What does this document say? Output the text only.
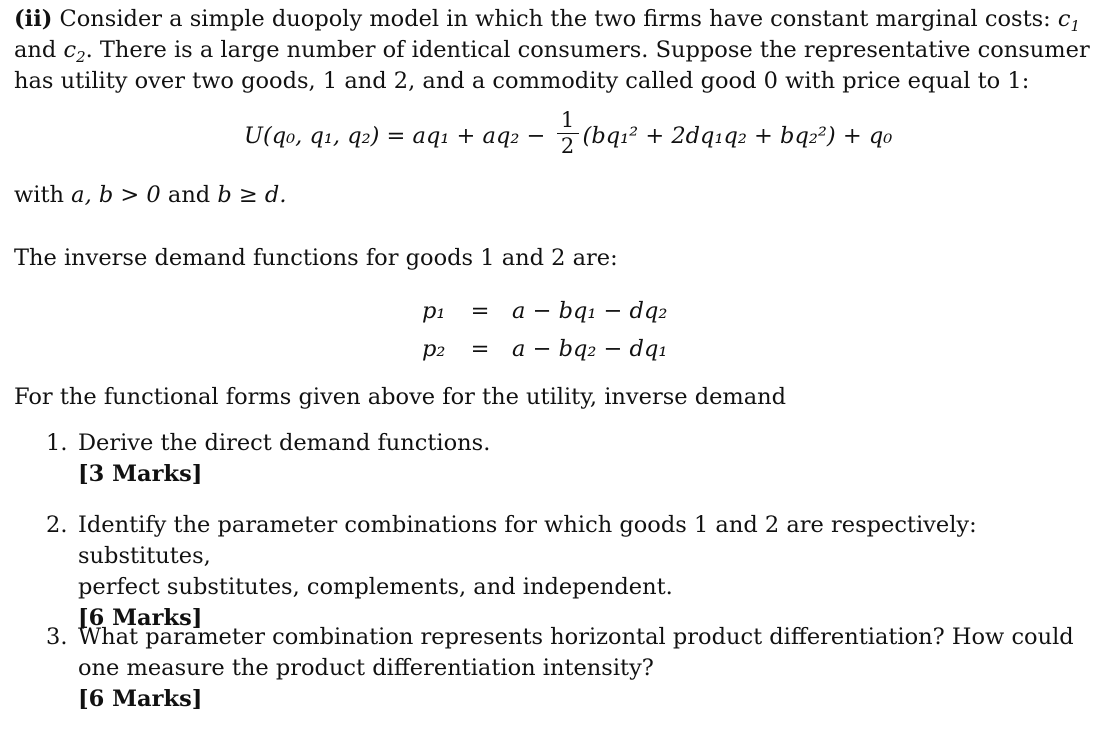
(ii) Consider a simple duopoly model in which the two firms have constant marginal costs: $c_1$
and $c_2$. There is a large number of identical consumers. Suppose the representative consumer
has utility over two goods, 1 and 2, and a commodity called good 0 with price equal to 1:
U(q₀, q₁, $q_2) = aq_1 + aq_2 - \frac{1}{2} (bq_1^2 + 2dq_1q_2 + bq_2^2) + q_0$
with a, b > 0 and b ≥ d.
The inverse demand functions for goods 1 and 2 are:
p₁	= a − bq₁ − dq₂
p₂	= a − bq₂ − dq₁
For the functional forms given above for the utility, inverse demand
1. Derive the direct demand functions.
[3 Marks]
2. Identify the parameter combinations for which goods 1 and 2 are respectively: substitutes,
perfect substitutes, complements, and independent.
[6 Marks]
3. What parameter combination represents horizontal product differentiation? How could
one measure the product differentiation intensity?
[6 Marks]
